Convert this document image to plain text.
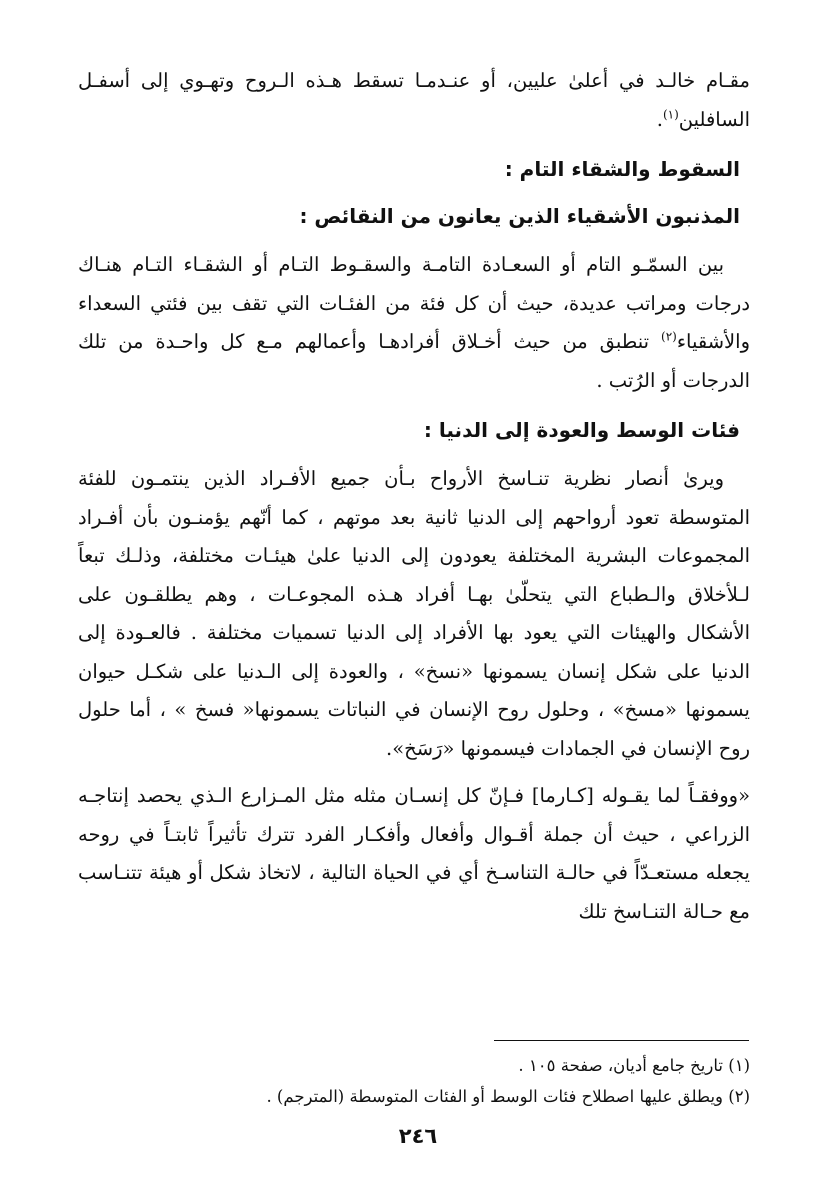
مقـام خالـد في أعلىٰ عليين، أو عنـدمـا تسقط هـذه الـروح وتهـوي إلى أسفـل السافلين$^{(١)}$.

السقوط والشقاء التام :

المذنبون الأشقياء الذين يعانون من النقائص :

بين السمّـو التام أو السعـادة التامـة والسقـوط التـام أو الشقـاء التـام هنـاك درجات ومراتب عديدة، حيث أن كل فئة من الفئـات التي تقف بين فئتي السعداء والأشقياء$^{(٢)}$ تنطبق من حيث أخـلاق أفرادهـا وأعمالهم مـع كل واحـدة من تلك الدرجات أو الرُتب .

فئات الوسط والعودة إلى الدنيا :

ويرىٰ أنصار نظرية تنـاسخ الأرواح بـأن جميع الأفـراد الذين ينتمـون للفئة المتوسطة تعود أرواحهم إلى الدنيا ثانية بعد موتهم ، كما أنّهم يؤمنـون بأن أفـراد المجموعات البشرية المختلفة يعودون إلى الدنيا علىٰ هيئـات مختلفة، وذلـك تبعاً لـلأخلاق والـطباع التي يتحلّىٰ بهـا أفراد هـذه المجوعـات ، وهم يطلقـون على الأشكال والهيئات التي يعود بها الأفراد إلى الدنيا تسميات مختلفة . فالعـودة إلى الدنيا على شكل إنسان يسمونها «نسخ» ، والعودة إلى الـدنيا على شكـل حيوان يسمونها «مسخ» ، وحلول روح الإنسان في النباتات يسمونها« فسخ » ، أما حلول روح الإنسان في الجمادات فيسمونها «رَسَخ».

«ووفقـاً لما يقـوله [كـارما] فـإنّ كل إنسـان مثله مثل المـزارع الـذي يحصد إنتاجـه الزراعي ، حيث أن جملة أقـوال وأفعال وأفكـار الفرد تترك تأثيراً ثابتـاً في روحه يجعله مستعـدّاً في حالـة التناسـخ أي في الحياة التالية ، لاتخاذ شكل أو هيئة تتنـاسب مع حـالة التنـاسخ تلك

(١) تاريخ جامع أديان، صفحة ١٠٥ .

(٢) ويطلق عليها اصطلاح فئات الوسط أو الفئات المتوسطة (المترجم) .

٢٤٦
